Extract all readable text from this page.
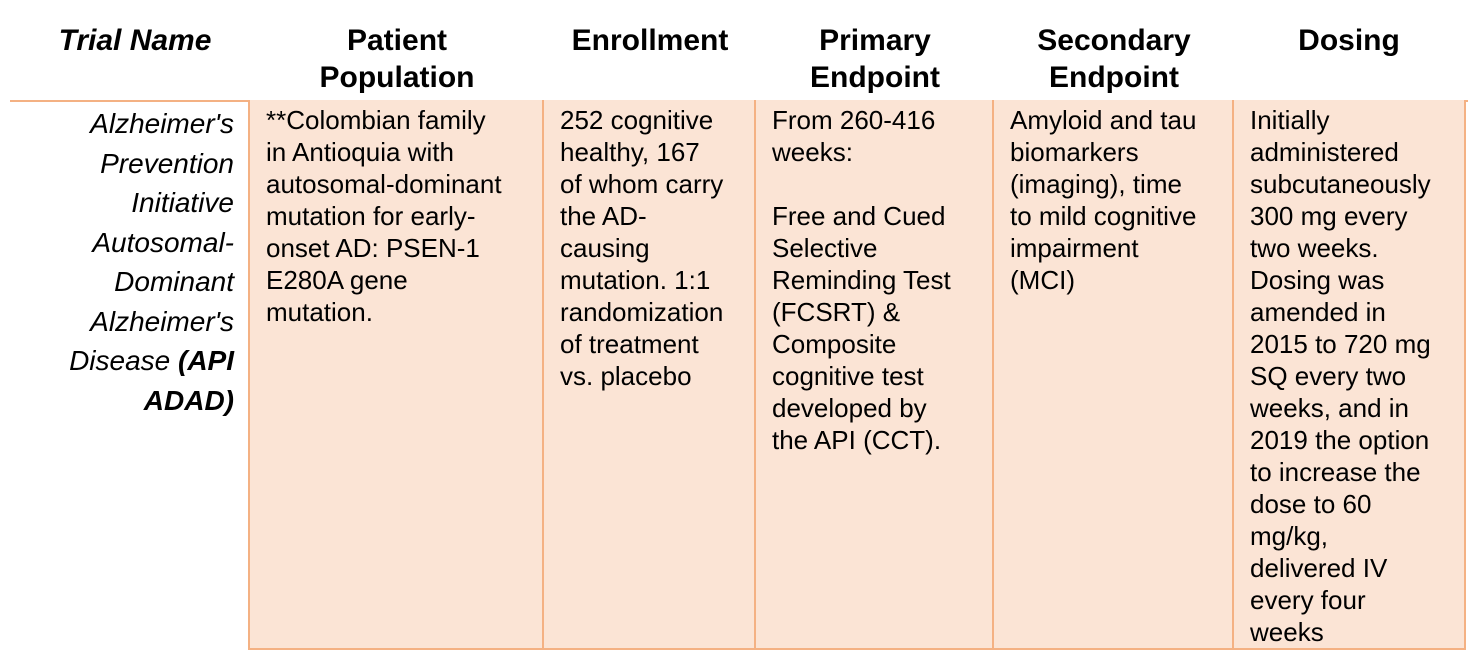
Trial Name	Patient
Population
Enrollment	Primary
Endpoint
Secondary
Endpoint
Dosing
Alzheimer's
Prevention
Initiative
Autosomal-
Dominant
Alzheimer's
Disease (API
ADAD)
**Colombian family
in Antioquia with
autosomal-dominant
mutation for early-
onset AD: PSEN-1
E280A gene
mutation.
252 cognitive
healthy, 167
of whom carry
the AD-
causing
mutation. 1:1
randomization
of treatment
vs. placebo
From 260-416
weeks:

Free and Cued
Selective
Reminding Test
(FCSRT) &
Composite
cognitive test
developed by
the API (CCT).
Amyloid and tau
biomarkers
(imaging), time
to mild cognitive
impairment
(MCI)
Initially
administered
subcutaneously
300 mg every
two weeks.
Dosing was
amended in
2015 to 720 mg
SQ every two
weeks, and in
2019 the option
to increase the
dose to 60
mg/kg,
delivered IV
every four
weeks
